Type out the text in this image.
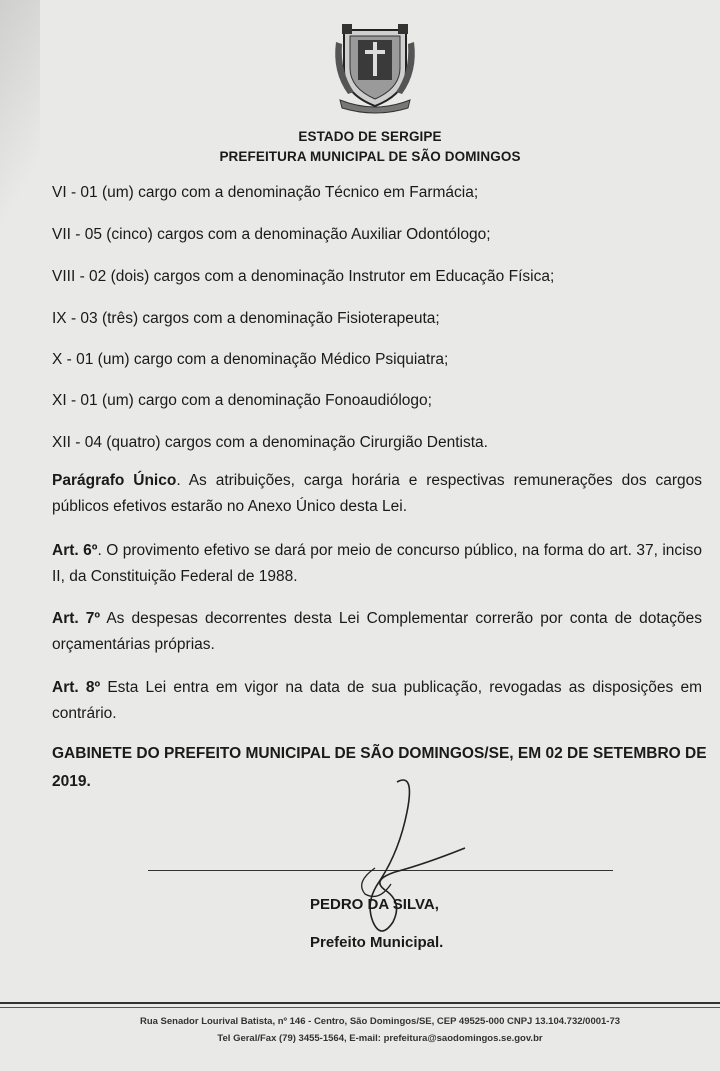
ESTADO DE SERGIPE
PREFEITURA MUNICIPAL DE SÃO DOMINGOS
VI - 01 (um) cargo com a denominação Técnico em Farmácia;
VII - 05 (cinco) cargos com a denominação Auxiliar Odontólogo;
VIII - 02 (dois) cargos com a denominação Instrutor em Educação Física;
IX - 03 (três) cargos com a denominação Fisioterapeuta;
X - 01 (um) cargo com a denominação Médico Psiquiatra;
XI - 01 (um) cargo com a denominação Fonoaudiólogo;
XII - 04 (quatro) cargos com a denominação Cirurgião Dentista.
Parágrafo Único. As atribuições, carga horária e respectivas remunerações dos cargos públicos efetivos estarão no Anexo Único desta Lei.
Art. 6º. O provimento efetivo se dará por meio de concurso público, na forma do art. 37, inciso II, da Constituição Federal de 1988.
Art. 7º As despesas decorrentes desta Lei Complementar correrão por conta de dotações orçamentárias próprias.
Art. 8º Esta Lei entra em vigor na data de sua publicação, revogadas as disposições em contrário.
GABINETE DO PREFEITO MUNICIPAL DE SÃO DOMINGOS/SE, EM 02 DE SETEMBRO DE 2019.
PEDRO DA SILVA,
Prefeito Municipal.
Rua Senador Lourival Batista, nº 146 - Centro, São Domingos/SE, CEP 49525-000 CNPJ 13.104.732/0001-73
Tel Geral/Fax (79) 3455-1564, E-mail: prefeitura@saodomingos.se.gov.br
